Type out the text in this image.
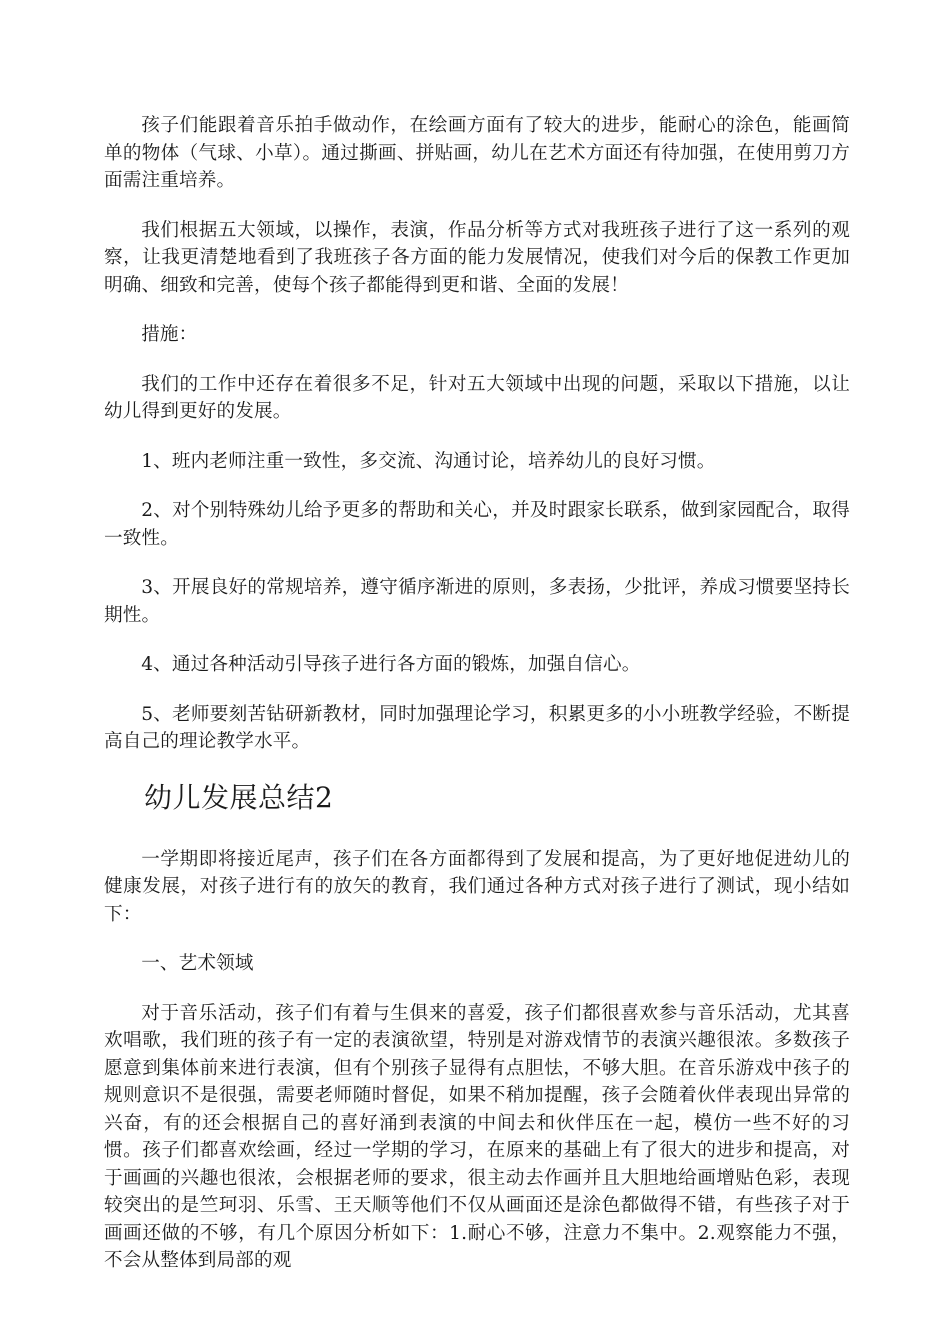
孩子们能跟着音乐拍手做动作，在绘画方面有了较大的进步，能耐心的涂色，能画简单的物体（气球、小草）。通过撕画、拼贴画，幼儿在艺术方面还有待加强，在使用剪刀方面需注重培养。

我们根据五大领域，以操作，表演，作品分析等方式对我班孩子进行了这一系列的观察，让我更清楚地看到了我班孩子各方面的能力发展情况，使我们对今后的保教工作更加明确、细致和完善，使每个孩子都能得到更和谐、全面的发展！

措施：

我们的工作中还存在着很多不足，针对五大领域中出现的问题，采取以下措施，以让幼儿得到更好的发展。

1、班内老师注重一致性，多交流、沟通讨论，培养幼儿的良好习惯。

2、对个别特殊幼儿给予更多的帮助和关心，并及时跟家长联系，做到家园配合，取得一致性。

3、开展良好的常规培养，遵守循序渐进的原则，多表扬，少批评，养成习惯要坚持长期性。

4、通过各种活动引导孩子进行各方面的锻炼，加强自信心。

5、老师要刻苦钻研新教材，同时加强理论学习，积累更多的小小班教学经验，不断提高自己的理论教学水平。

幼儿发展总结2

一学期即将接近尾声，孩子们在各方面都得到了发展和提高，为了更好地促进幼儿的健康发展，对孩子进行有的放矢的教育，我们通过各种方式对孩子进行了测试，现小结如下：

一、艺术领域

对于音乐活动，孩子们有着与生俱来的喜爱，孩子们都很喜欢参与音乐活动，尤其喜欢唱歌，我们班的孩子有一定的表演欲望，特别是对游戏情节的表演兴趣很浓。多数孩子愿意到集体前来进行表演，但有个别孩子显得有点胆怯，不够大胆。在音乐游戏中孩子的规则意识不是很强，需要老师随时督促，如果不稍加提醒，孩子会随着伙伴表现出异常的兴奋，有的还会根据自己的喜好涌到表演的中间去和伙伴压在一起，模仿一些不好的习惯。孩子们都喜欢绘画，经过一学期的学习，在原来的基础上有了很大的进步和提高，对于画画的兴趣也很浓，会根据老师的要求，很主动去作画并且大胆地给画增贴色彩，表现较突出的是竺珂羽、乐雪、王天顺等他们不仅从画面还是涂色都做得不错，有些孩子对于画画还做的不够，有几个原因分析如下：1.耐心不够，注意力不集中。2.观察能力不强，不会从整体到局部的观
